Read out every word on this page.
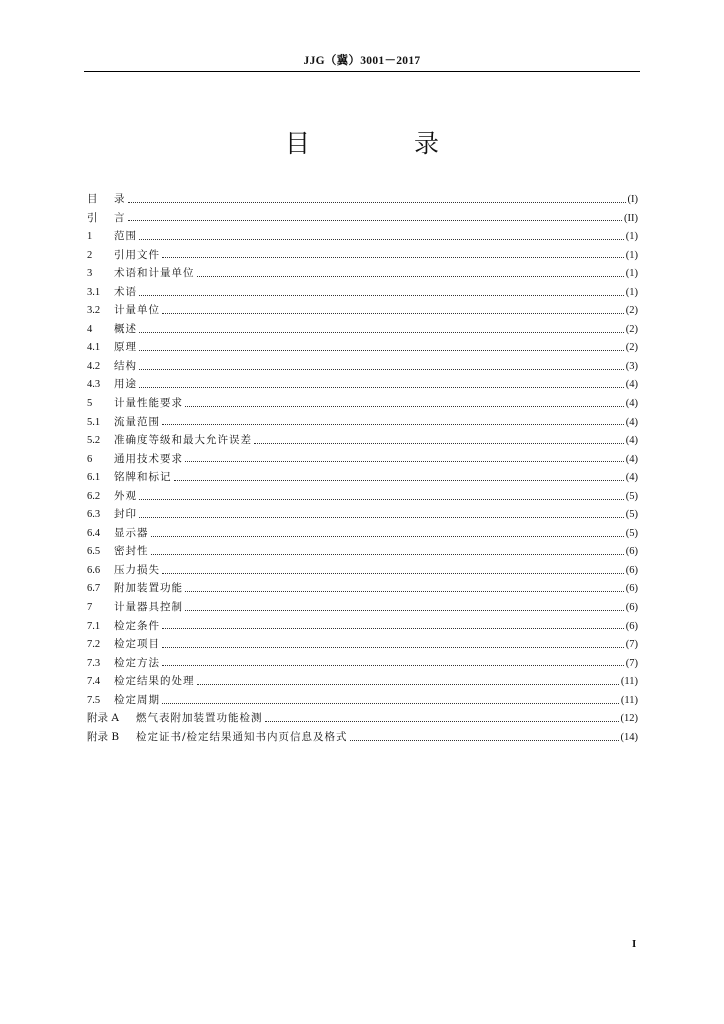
JJG（冀）3001－2017
目 录
目	录	(I)
引	言	(II)
1	范围	(1)
2	引用文件	(1)
3	术语和计量单位	(1)
3.1	术语	(1)
3.2	计量单位	(2)
4	概述	(2)
4.1	原理	(2)
4.2	结构	(3)
4.3	用途	(4)
5	计量性能要求	(4)
5.1	流量范围	(4)
5.2	准确度等级和最大允许误差	(4)
6	通用技术要求	(4)
6.1	铭牌和标记	(4)
6.2	外观	(5)
6.3	封印	(5)
6.4	显示器	(5)
6.5	密封性	(6)
6.6	压力损失	(6)
6.7	附加装置功能	(6)
7	计量器具控制	(6)
7.1	检定条件	(6)
7.2	检定项目	(7)
7.3	检定方法	(7)
7.4	检定结果的处理	(11)
7.5	检定周期	(11)
附录 A	燃气表附加装置功能检测	(12)
附录 B	检定证书/检定结果通知书内页信息及格式	(14)
I
